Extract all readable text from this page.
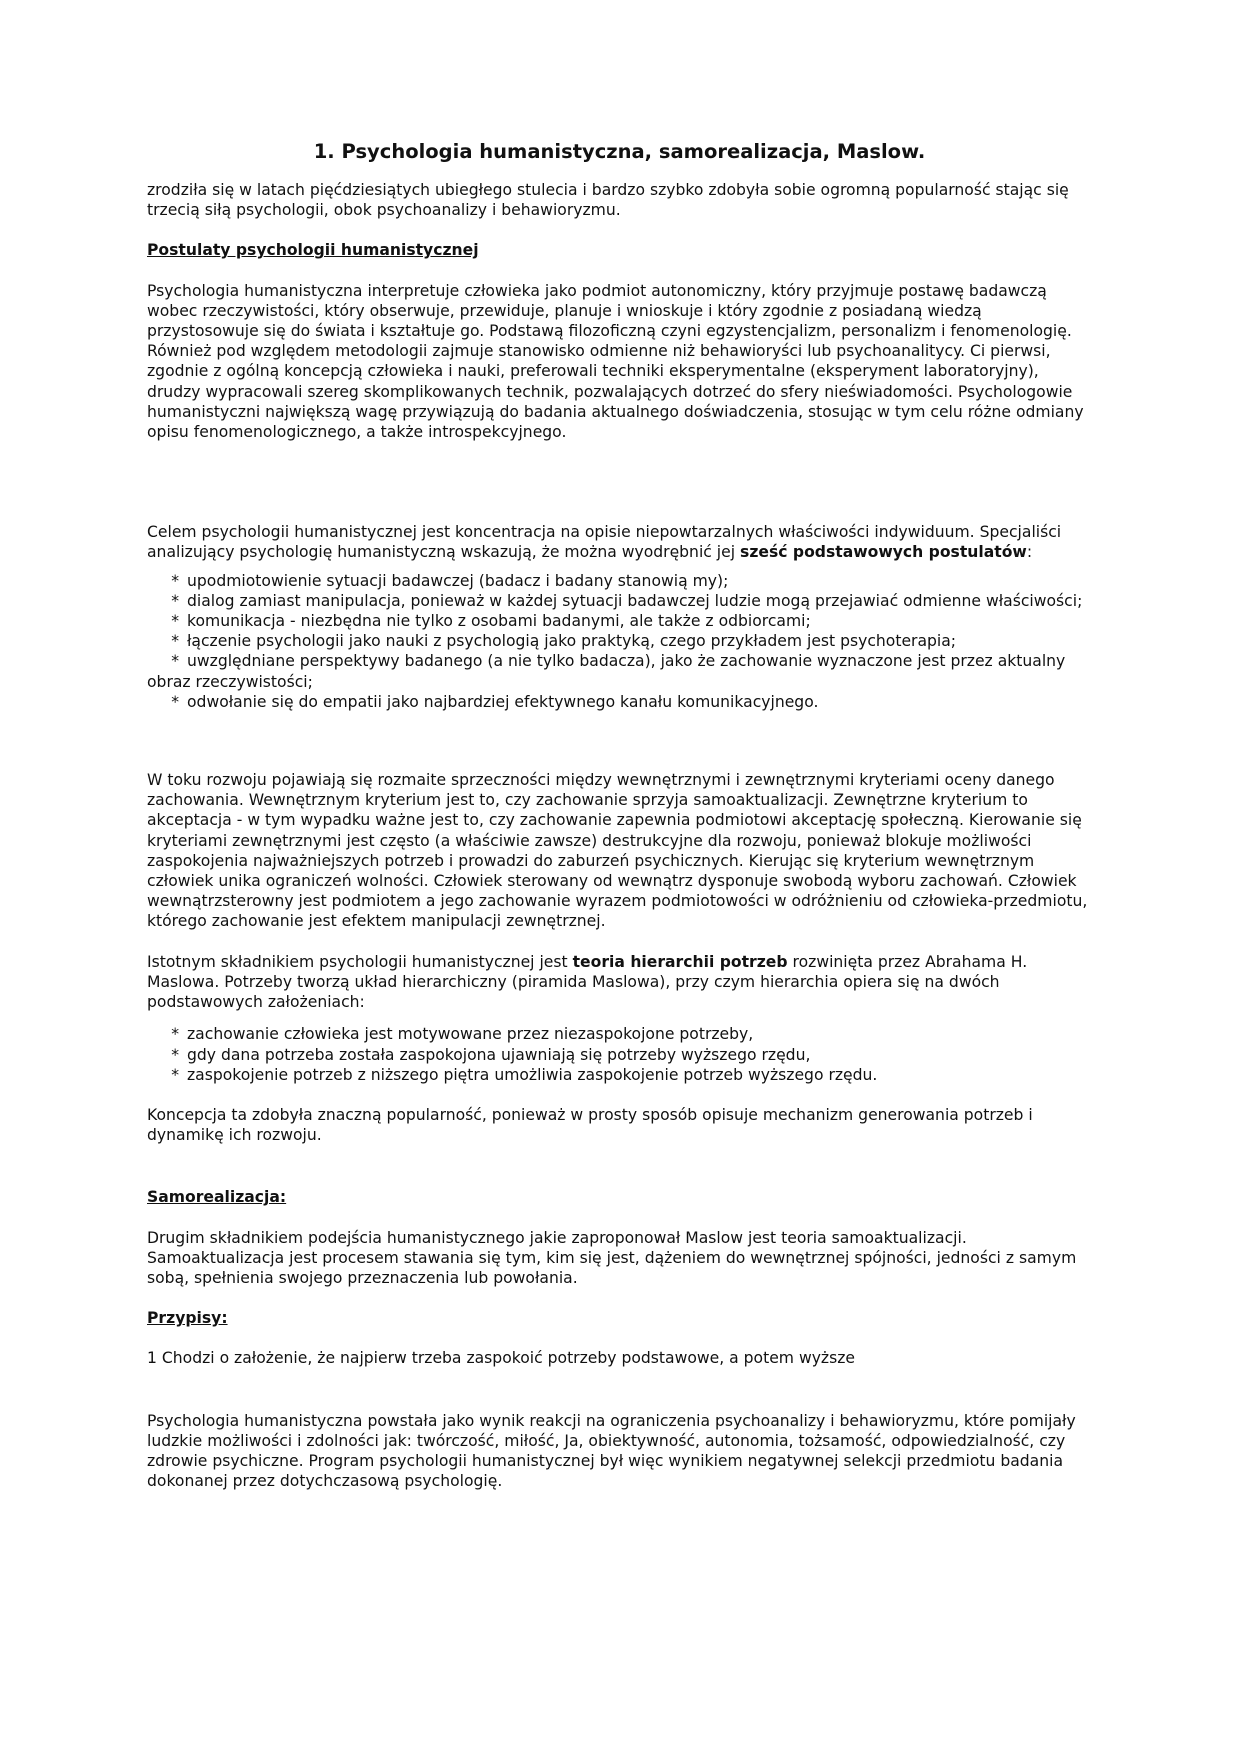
1. Psychologia humanistyczna, samorealizacja, Maslow.

zrodziła się w latach pięćdziesiątych ubiegłego stulecia i bardzo szybko zdobyła sobie ogromną popularność stając się trzecią siłą psychologii, obok psychoanalizy i behawioryzmu.

Postulaty psychologii humanistycznej

Psychologia humanistyczna interpretuje człowieka jako podmiot autonomiczny, który przyjmuje postawę badawczą wobec rzeczywistości, który obserwuje, przewiduje, planuje i wnioskuje i który zgodnie z posiadaną wiedzą przystosowuje się do świata i kształtuje go. Podstawą filozoficzną czyni egzystencjalizm, personalizm i fenomenologię. Również pod względem metodologii zajmuje stanowisko odmienne niż behawioryści lub psychoanalitycy. Ci pierwsi, zgodnie z ogólną koncepcją człowieka i nauki, preferowali techniki eksperymentalne (eksperyment laboratoryjny), drudzy wypracowali szereg skomplikowanych technik, pozwalających dotrzeć do sfery nieświadomości. Psychologowie humanistyczni największą wagę przywiązują do badania aktualnego doświadczenia, stosując w tym celu różne odmiany opisu fenomenologicznego, a także introspekcyjnego.

Celem psychologii humanistycznej jest koncentracja na opisie niepowtarzalnych właściwości indywiduum. Specjaliści analizujący psychologię humanistyczną wskazują, że można wyodrębnić jej sześć podstawowych postulatów:

* upodmiotowienie sytuacji badawczej (badacz i badany stanowią my);
* dialog zamiast manipulacja, ponieważ w każdej sytuacji badawczej ludzie mogą przejawiać odmienne właściwości;
* komunikacja - niezbędna nie tylko z osobami badanymi, ale także z odbiorcami;
* łączenie psychologii jako nauki z psychologią jako praktyką, czego przykładem jest psychoterapia;
* uwzględniane perspektywy badanego (a nie tylko badacza), jako że zachowanie wyznaczone jest przez aktualny obraz rzeczywistości;
* odwołanie się do empatii jako najbardziej efektywnego kanału komunikacyjnego.

W toku rozwoju pojawiają się rozmaite sprzeczności między wewnętrznymi i zewnętrznymi kryteriami oceny danego zachowania. Wewnętrznym kryterium jest to, czy zachowanie sprzyja samoaktualizacji. Zewnętrzne kryterium to akceptacja - w tym wypadku ważne jest to, czy zachowanie zapewnia podmiotowi akceptację społeczną. Kierowanie się kryteriami zewnętrznymi jest często (a właściwie zawsze) destrukcyjne dla rozwoju, ponieważ blokuje możliwości zaspokojenia najważniejszych potrzeb i prowadzi do zaburzeń psychicznych. Kierując się kryterium wewnętrznym człowiek unika ograniczeń wolności. Człowiek sterowany od wewnątrz dysponuje swobodą wyboru zachowań. Człowiek wewnątrzsterowny jest podmiotem a jego zachowanie wyrazem podmiotowości w odróżnieniu od człowieka-przedmiotu, którego zachowanie jest efektem manipulacji zewnętrznej.

Istotnym składnikiem psychologii humanistycznej jest teoria hierarchii potrzeb rozwinięta przez Abrahama H. Maslowa. Potrzeby tworzą układ hierarchiczny (piramida Maslowa), przy czym hierarchia opiera się na dwóch podstawowych założeniach:

* zachowanie człowieka jest motywowane przez niezaspokojone potrzeby,
* gdy dana potrzeba została zaspokojona ujawniają się potrzeby wyższego rzędu,
* zaspokojenie potrzeb z niższego piętra umożliwia zaspokojenie potrzeb wyższego rzędu.

Koncepcja ta zdobyła znaczną popularność, ponieważ w prosty sposób opisuje mechanizm generowania potrzeb i dynamikę ich rozwoju.

Samorealizacja:

Drugim składnikiem podejścia humanistycznego jakie zaproponował Maslow jest teoria samoaktualizacji. Samoaktualizacja jest procesem stawania się tym, kim się jest, dążeniem do wewnętrznej spójności, jedności z samym sobą, spełnienia swojego przeznaczenia lub powołania.

Przypisy:

1 Chodzi o założenie, że najpierw trzeba zaspokoić potrzeby podstawowe, a potem wyższe

Psychologia humanistyczna powstała jako wynik reakcji na ograniczenia psychoanalizy i behawioryzmu, które pomijały ludzkie możliwości i zdolności jak: twórczość, miłość, Ja, obiektywność, autonomia, tożsamość, odpowiedzialność, czy zdrowie psychiczne. Program psychologii humanistycznej był więc wynikiem negatywnej selekcji przedmiotu badania dokonanej przez dotychczasową psychologię.
